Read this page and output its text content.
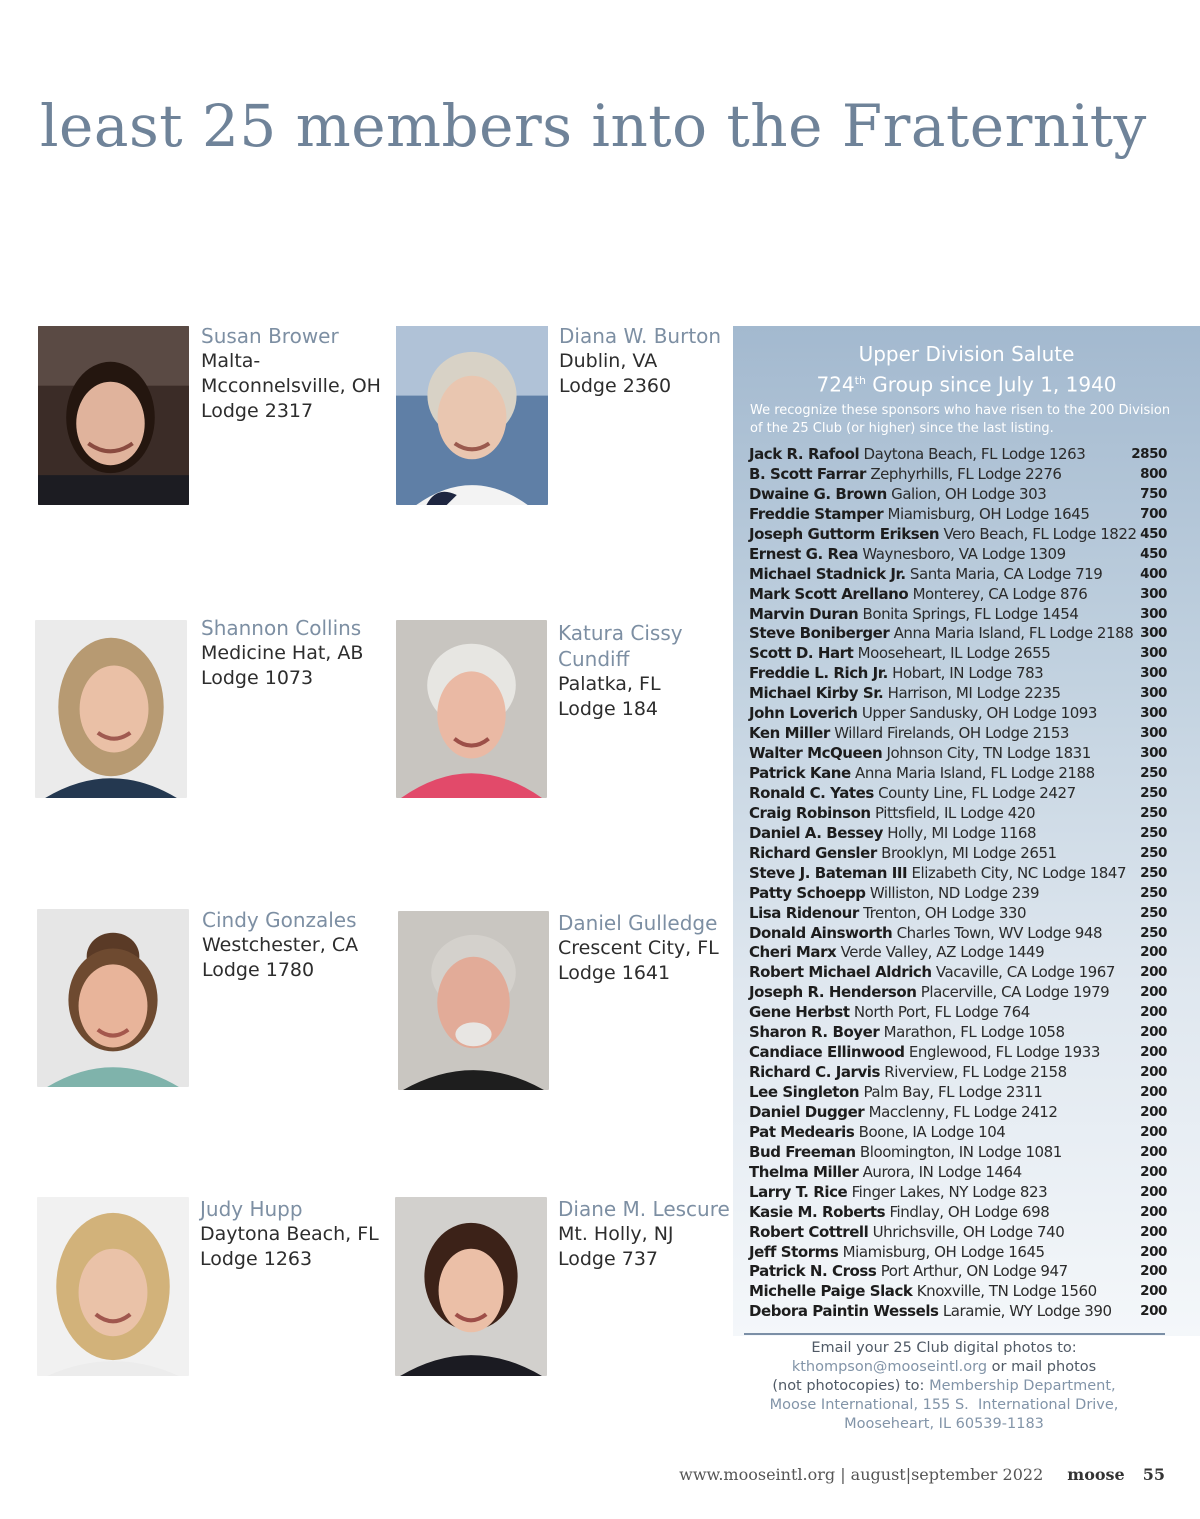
least 25 members into the Fraternity

Susan Brower

Malta-
Mcconnelsville, OH

Lodge 2317

Diana W. Burton

Dublin, VA

Lodge 2360

Shannon Collins

Medicine Hat, AB

Lodge 1073

Katura Cissy
Cundiff

Palatka, FL

Lodge 184

Cindy Gonzales

Westchester, CA

Lodge 1780

Daniel Gulledge

Crescent City, FL

Lodge 1641

Judy Hupp

Daytona Beach, FL

Lodge 1263

Diane M. Lescure

Mt. Holly, NJ

Lodge 737

Upper Division Salute

724th Group since July 1, 1940

We recognize these sponsors who have risen to the 200 Division of the 25 Club (or higher) since the last listing.

Jack R. Rafool Daytona Beach, FL Lodge 1263	2850
B. Scott Farrar Zephyrhills, FL Lodge 2276	800
Dwaine G. Brown Galion, OH Lodge 303	750
Freddie Stamper Miamisburg, OH Lodge 1645	700
Joseph Guttorm Eriksen Vero Beach, FL Lodge 1822 450
Ernest G. Rea Waynesboro, VA Lodge 1309	450
Michael Stadnick Jr. Santa Maria, CA Lodge 719	400
Mark Scott Arellano Monterey, CA Lodge 876	300
Marvin Duran Bonita Springs, FL Lodge 1454	300
Steve Boniberger Anna Maria Island, FL Lodge 2188 300
Scott D. Hart Mooseheart, IL Lodge 2655	300
Freddie L. Rich Jr. Hobart, IN Lodge 783	300
Michael Kirby Sr. Harrison, MI Lodge 2235	300
John Loverich Upper Sandusky, OH Lodge 1093	300
Ken Miller Willard Firelands, OH Lodge 2153	300
Walter McQueen Johnson City, TN Lodge 1831	300
Patrick Kane Anna Maria Island, FL Lodge 2188	250
Ronald C. Yates County Line, FL Lodge 2427	250
Craig Robinson Pittsfield, IL Lodge 420	250
Daniel A. Bessey Holly, MI Lodge 1168	250
Richard Gensler Brooklyn, MI Lodge 2651	250
Steve J. Bateman III Elizabeth City, NC Lodge 1847 250
Patty Schoepp Williston, ND Lodge 239	250
Lisa Ridenour Trenton, OH Lodge 330	250
Donald Ainsworth Charles Town, WV Lodge 948	250
Cheri Marx Verde Valley, AZ Lodge 1449	200
Robert Michael Aldrich Vacaville, CA Lodge 1967 200
Joseph R. Henderson Placerville, CA Lodge 1979 200
Gene Herbst North Port, FL Lodge 764	200
Sharon R. Boyer Marathon, FL Lodge 1058	200
Candiace Ellinwood Englewood, FL Lodge 1933	200
Richard C. Jarvis Riverview, FL Lodge 2158	200
Lee Singleton Palm Bay, FL Lodge 2311	200
Daniel Dugger Macclenny, FL Lodge 2412	200
Pat Medearis Boone, IA Lodge 104	200
Bud Freeman Bloomington, IN Lodge 1081	200
Thelma Miller Aurora, IN Lodge 1464	200
Larry T. Rice Finger Lakes, NY Lodge 823	200
Kasie M. Roberts Findlay, OH Lodge 698	200
Robert Cottrell Uhrichsville, OH Lodge 740	200
Jeff Storms Miamisburg, OH Lodge 1645	200
Patrick N. Cross Port Arthur, ON Lodge 947	200
Michelle Paige Slack Knoxville, TN Lodge 1560	200
Debora Paintin Wessels Laramie, WY Lodge 390 200
Email your 25 Club digital photos to:
kthompson@mooseintl.org or mail photos
(not photocopies) to: Membership Department,
Moose International, 155 S.  International Drive,
Mooseheart, IL 60539-1183
www.mooseintl.org | august|september 2022 moose 55
